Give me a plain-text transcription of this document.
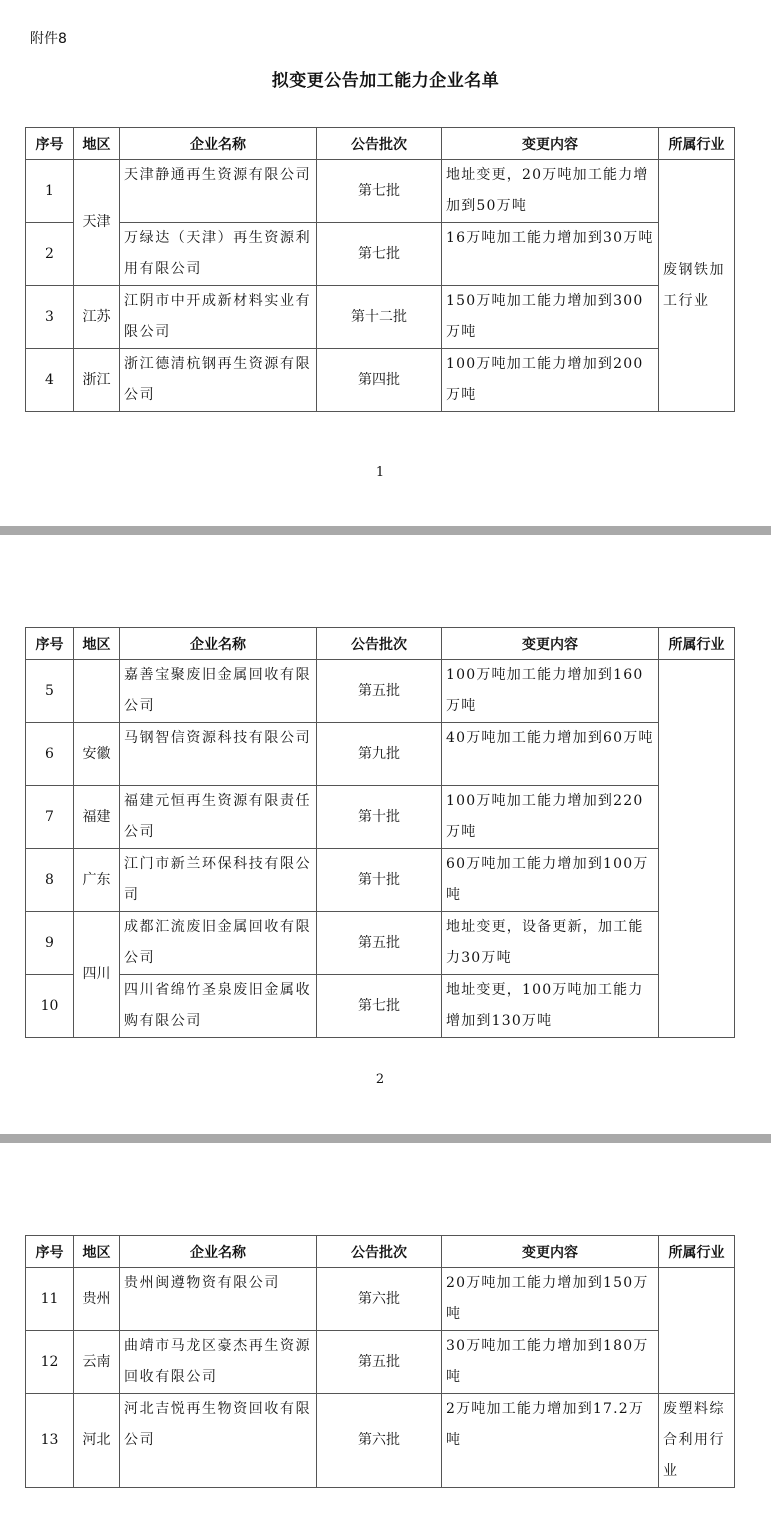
附件8
拟变更公告加工能力企业名单
序号	地区	企业名称	公告批次	变更内容	所属行业
1	天津	天津静通再生资源有限公司	第七批	地址变更，20万吨加工能力增加到50万吨	废钢铁加工行业
2		万绿达（天津）再生资源利用有限公司	第七批	16万吨加工能力增加到30万吨	
3	江苏	江阴市中开成新材料实业有限公司	第十二批	150万吨加工能力增加到300万吨	
4	浙江	浙江德清杭钢再生资源有限公司	第四批	100万吨加工能力增加到200万吨	
1
序号	地区	企业名称	公告批次	变更内容	所属行业
5		嘉善宝聚废旧金属回收有限公司	第五批	100万吨加工能力增加到160万吨	
6	安徽	马钢智信资源科技有限公司	第九批	40万吨加工能力增加到60万吨	
7	福建	福建元恒再生资源有限责任公司	第十批	100万吨加工能力增加到220万吨	
8	广东	江门市新兰环保科技有限公司	第十批	60万吨加工能力增加到100万吨	
9	四川	成都汇流废旧金属回收有限公司	第五批	地址变更，设备更新，加工能力30万吨	
10		四川省绵竹圣泉废旧金属收购有限公司	第七批	地址变更，100万吨加工能力增加到130万吨	
2
序号	地区	企业名称	公告批次	变更内容	所属行业
11	贵州	贵州闽遵物资有限公司	第六批	20万吨加工能力增加到150万吨	
12	云南	曲靖市马龙区豪杰再生资源回收有限公司	第五批	30万吨加工能力增加到180万吨	
13	河北	河北吉悦再生物资回收有限公司	第六批	2万吨加工能力增加到17.2万吨	废塑料综合利用行业
